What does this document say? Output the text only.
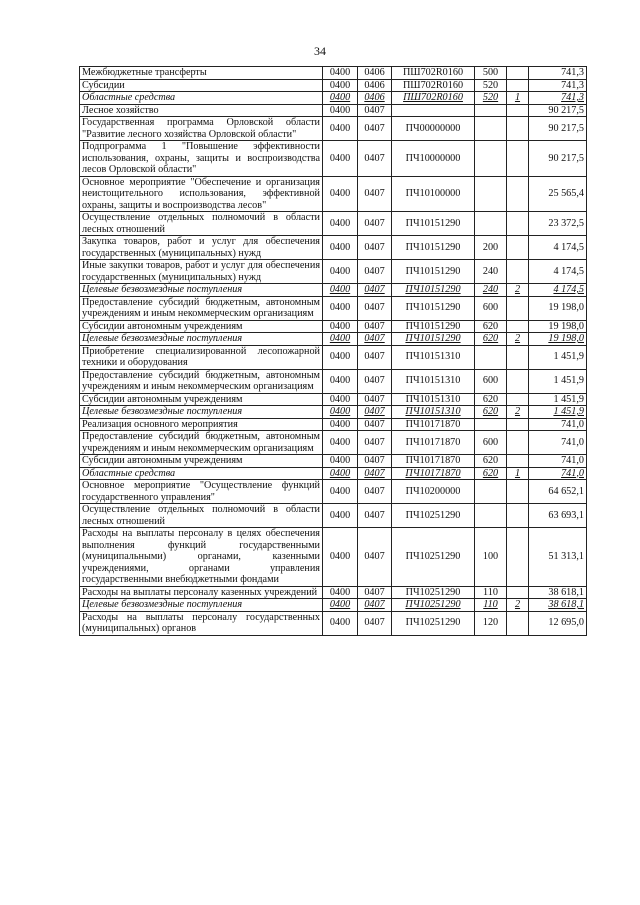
34
Межбюджетные трансферты	0400	0406	ПШ702R0160	500		741,3
Субсидии	0400	0406	ПШ702R0160	520		741,3
Областные средства	0400	0406	ПШ702R0160	520	1	741,3
Лесное хозяйство	0400	0407				90 217,5
Государственная программа Орловской области "Развитие лесного хозяйства Орловской области"	0400	0407	ПЧ00000000			90 217,5
Подпрограмма 1 "Повышение эффективности использования, охраны, защиты и воспроизводства лесов Орловской области"	0400	0407	ПЧ10000000			90 217,5
Основное мероприятие "Обеспечение и организация неистощительного использования, эффективной охраны, защиты и воспроизводства лесов"	0400	0407	ПЧ10100000			25 565,4
Осуществление отдельных полномочий в области лесных отношений	0400	0407	ПЧ10151290			23 372,5
Закупка товаров, работ и услуг для обеспечения государственных (муниципальных) нужд	0400	0407	ПЧ10151290	200		4 174,5
Иные закупки товаров, работ и услуг для обеспечения государственных (муниципальных) нужд	0400	0407	ПЧ10151290	240		4 174,5
Целевые безвозмездные поступления	0400	0407	ПЧ10151290	240	2	4 174,5
Предоставление субсидий бюджетным, автономным учреждениям и иным некоммерческим организациям	0400	0407	ПЧ10151290	600		19 198,0
Субсидии автономным учреждениям	0400	0407	ПЧ10151290	620		19 198,0
Целевые безвозмездные поступления	0400	0407	ПЧ10151290	620	2	19 198,0
Приобретение специализированной лесопожарной техники и оборудования	0400	0407	ПЧ10151310			1 451,9
Предоставление субсидий бюджетным, автономным учреждениям и иным некоммерческим организациям	0400	0407	ПЧ10151310	600		1 451,9
Субсидии автономным учреждениям	0400	0407	ПЧ10151310	620		1 451,9
Целевые безвозмездные поступления	0400	0407	ПЧ10151310	620	2	1 451,9
Реализация основного мероприятия	0400	0407	ПЧ10171870			741,0
Предоставление субсидий бюджетным, автономным учреждениям и иным некоммерческим организациям	0400	0407	ПЧ10171870	600		741,0
Субсидии автономным учреждениям	0400	0407	ПЧ10171870	620		741,0
Областные средства	0400	0407	ПЧ10171870	620	1	741,0
Основное мероприятие "Осуществление функций государственного управления"	0400	0407	ПЧ10200000			64 652,1
Осуществление отдельных полномочий в области лесных отношений	0400	0407	ПЧ10251290			63 693,1
Расходы на выплаты персоналу в целях обеспечения выполнения функций государственными (муниципальными) органами, казенными учреждениями, органами управления государственными внебюджетными фондами	0400	0407	ПЧ10251290	100		51 313,1
Расходы на выплаты персоналу казенных учреждений	0400	0407	ПЧ10251290	110		38 618,1
Целевые безвозмездные поступления	0400	0407	ПЧ10251290	110	2	38 618,1
Расходы на выплаты персоналу государственных (муниципальных) органов	0400	0407	ПЧ10251290	120		12 695,0
